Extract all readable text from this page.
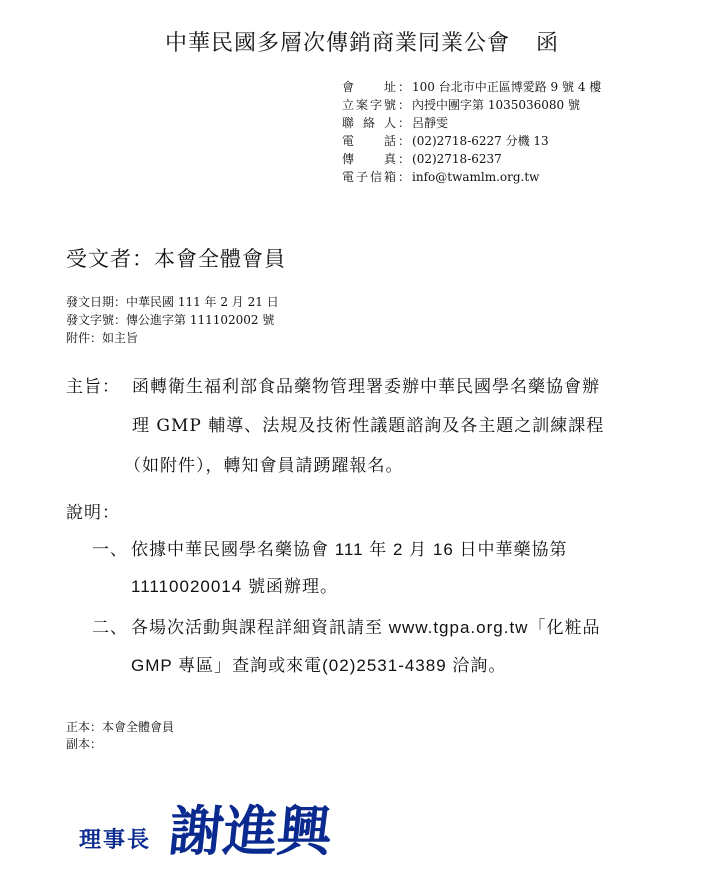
中華民國多層次傳銷商業同業公會 函
會　　址 ： 100 台北市中正區博愛路 9 號 4 樓
立案字號 ： 內授中團字第 1035036080 號
聯 絡 人 ： 呂靜雯
電　　話 ： (02)2718-6227 分機 13
傳　　真 ： (02)2718-6237
電子信箱 ： info@twamlm.org.tw
受文者：本會全體會員
發文日期：中華民國 111 年 2 月 21 日
發文字號：傳公進字第 111102002 號
附件：如主旨
主旨： 函轉衛生福利部食品藥物管理署委辦中華民國學名藥協會辦
理 GMP 輔導、法規及技術性議題諮詢及各主題之訓練課程
（如附件），轉知會員請踴躍報名。
說明：
一、 依據中華民國學名藥協會 111 年 2 月 16 日中華藥協第
11110020014 號函辦理。
二、 各場次活動與課程詳細資訊請至 www.tgpa.org.tw「化粧品
GMP 專區」查詢或來電(02)2531-4389 洽詢。
正本：本會全體會員
副本：
理事長 謝進興
